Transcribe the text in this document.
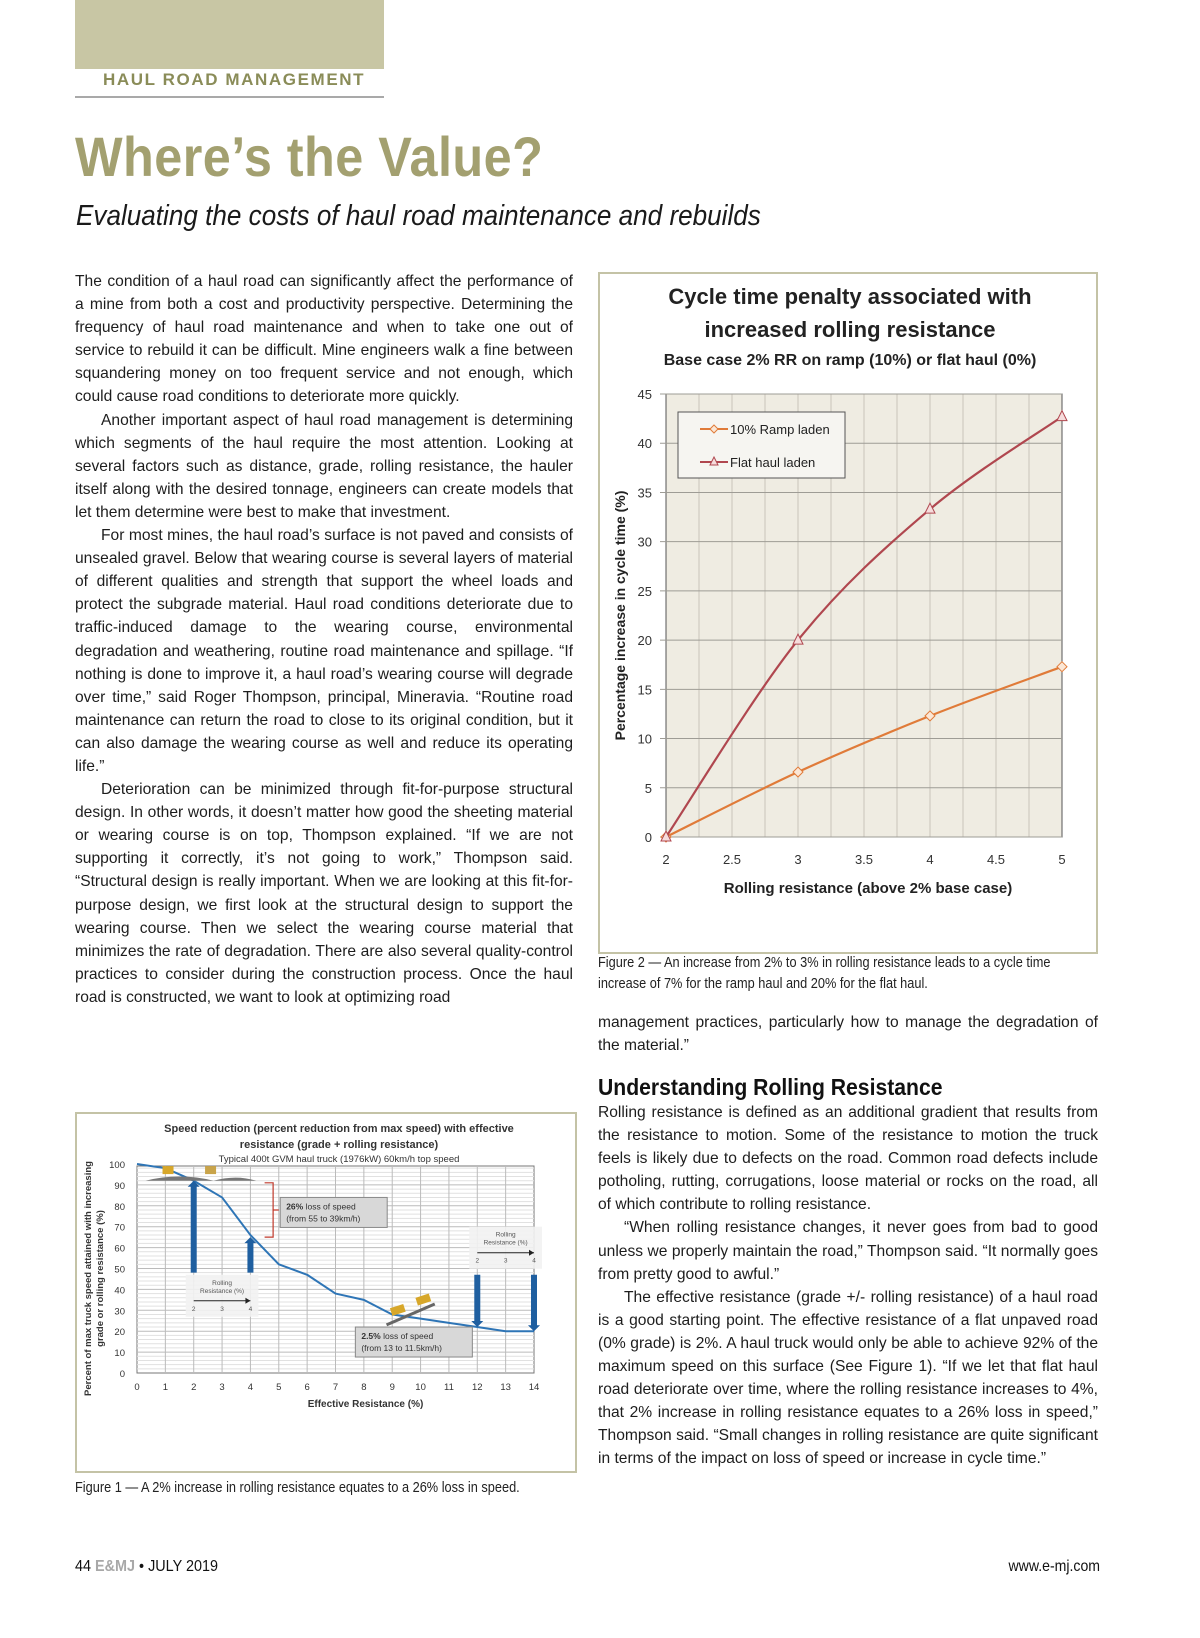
HAUL ROAD MANAGEMENT
Where’s the Value?
Evaluating the costs of haul road maintenance and rebuilds

The condition of a haul road can significantly affect the performance of a mine from both a cost and productivity perspective. Determining the frequency of haul road maintenance and when to take one out of service to rebuild it can be difficult. Mine engineers walk a fine between squandering money on too frequent service and not enough, which could cause road conditions to deteriorate more quickly.

Another important aspect of haul road management is determining which segments of the haul require the most attention. Looking at several factors such as distance, grade, rolling resistance, the hauler itself along with the desired tonnage, engineers can create models that let them determine were best to make that investment.

For most mines, the haul road’s surface is not paved and consists of unsealed gravel. Below that wearing course is several layers of material of different qualities and strength that support the wheel loads and protect the subgrade material. Haul road conditions deteriorate due to traffic-induced damage to the wearing course, environmental degradation and weathering, routine road maintenance and spillage. “If nothing is done to improve it, a haul road’s wearing course will degrade over time,” said Roger Thompson, principal, Mineravia. “Routine road maintenance can return the road to close to its original condition, but it can also damage the wearing course as well and reduce its operating life.”

Deterioration can be minimized through fit-for-purpose structural design. In other words, it doesn’t matter how good the sheeting material or wearing course is on top, Thompson explained. “If we are not supporting it correctly, it’s not going to work,” Thompson said. “Structural design is really important. When we are looking at this fit-for-purpose design, we first look at the structural design to support the wearing course. Then we select the wearing course material that minimizes the rate of degradation. There are also several quality-control practices to consider during the construction process. Once the haul road is constructed, we want to look at optimizing road

Cycle time penalty associated with
increased rolling resistance
Base case 2% RR on ramp (10%) or flat haul (0%)
0
5
10
15
20
25
30
35
40
45
2	2.5	3	3.5	4	4.5	5
Rolling resistance (above 2% base case)
Percentage increase in cycle time (%)
10% Ramp laden
Flat haul laden
Figure 2 — An increase from 2% to 3% in rolling resistance leads to a cycle time increase of 7% for the ramp haul and 20% for the flat haul.

management practices, particularly how to manage the degradation of the material.”

Understanding Rolling Resistance

Rolling resistance is defined as an additional gradient that results from the resistance to motion. Some of the resistance to motion the truck feels is likely due to defects on the road. Common road defects include potholing, rutting, corrugations, loose material or rocks on the road, all of which contribute to rolling resistance.

“When rolling resistance changes, it never goes from bad to good unless we properly maintain the road,” Thompson said. “It normally goes from pretty good to awful.”

The effective resistance (grade +/- rolling resistance) of a haul road is a good starting point. The effective resistance of a flat unpaved road (0% grade) is 2%. A haul truck would only be able to achieve 92% of the maximum speed on this surface (See Figure 1). “If we let that flat haul road deteriorate over time, where the rolling resistance increases to 4%, that 2% increase in rolling resistance equates to a 26% loss in speed,” Thompson said. “Small changes in rolling resistance are quite significant in terms of the impact on loss of speed or increase in cycle time.”

Speed reduction (percent reduction from max speed) with effective
resistance (grade + rolling resistance)
Typical 400t GVM haul truck (1976kW) 60km/h top speed
0
10
20
30
40
50
60
70
80
90
100
0 1 2 3 4 5 6 7 8 9 10 11 12 13 14
Effective Resistance (%)
Percent of max truck speed attained with increasing grade or rolling resistance (%)
26% loss of speed
(from 55 to 39km/h)
2.5% loss of speed
(from 13 to 11.5km/h)
Rolling
Resistance (%)
2	3	4
Rolling
Resistance (%)
2	3	4
Figure 1 — A 2% increase in rolling resistance equates to a 26% loss in speed.
44 E&MJ • JULY 2019	www.e-mj.com
